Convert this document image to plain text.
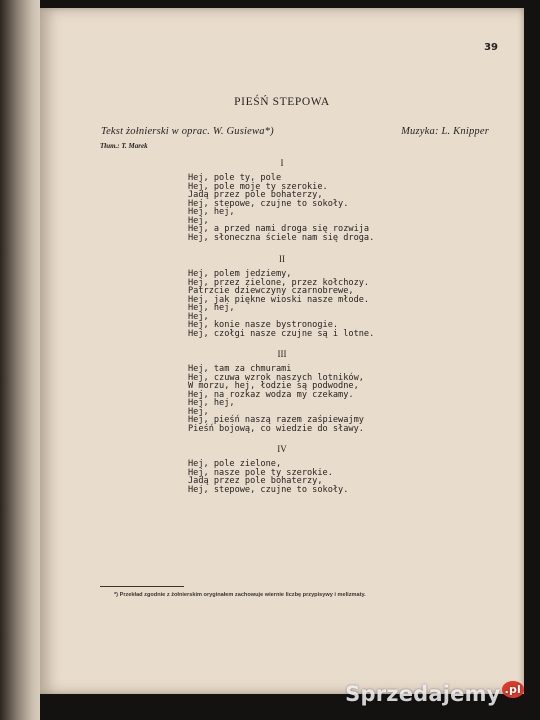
39
PIEŚŃ STEPOWA
Tekst żołnierski w oprac. W. Gusiewa*)	Muzyka: L. Knipper
Tłum.: T. Marek
I
Hej, pole ty, pole
Hej, pole moje ty szerokie.
Jadą przez pole bohaterzy,
Hej, stepowe, czujne to sokoły.
Hej, hej,
Hej,
Hej, a przed nami droga się rozwija
Hej, słoneczna ściele nam się droga.
II
Hej, polem jedziemy,
Hej, przez zielone, przez kołchozy.
Patrzcie dziewczyny czarnobrewe,
Hej, jak piękne wioski nasze młode.
Hej, hej,
Hej,
Hej, konie nasze bystronogie.
Hej, czołgi nasze czujne są i lotne.
III
Hej, tam za chmurami
Hej, czuwa wzrok naszych lotników,
W morzu, hej, łodzie są podwodne,
Hej, na rozkaz wodza my czekamy.
Hej, hej,
Hej,
Hej, pieśń naszą razem zaśpiewajmy
Pieśń bojową, co wiedzie do sławy.
IV
Hej, pole zielone,
Hej, nasze pole ty szerokie.
Jadą przez pole bohaterzy,
Hej, stepowe, czujne to sokoły.
*) Przekład zgodnie z żołnierskim oryginałem zachowuje wiernie liczbę przypisywy i melizmaty.
Sprzedajemy $^{.pl}$
